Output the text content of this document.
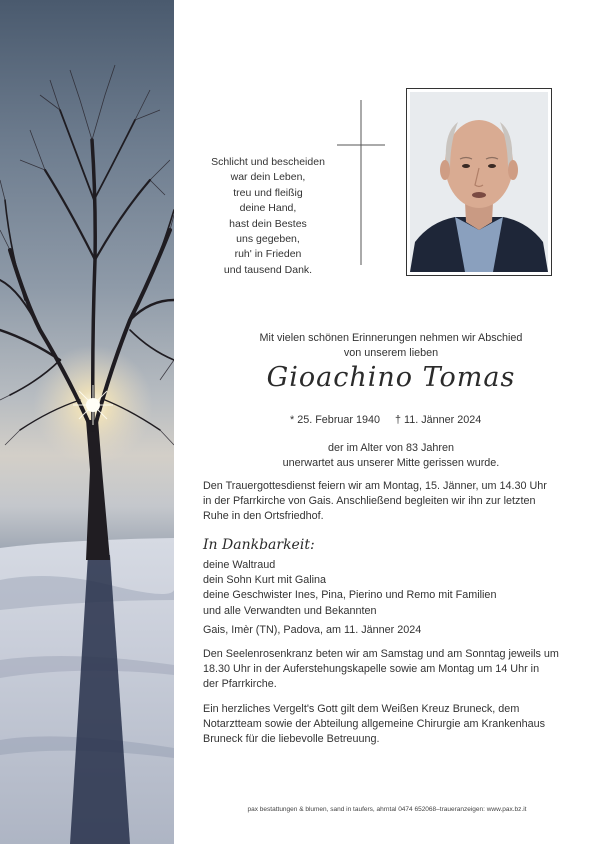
Schlicht und bescheiden
war dein Leben,
treu und fleißig
deine Hand,
hast dein Bestes
uns gegeben,
ruh' in Frieden
und tausend Dank.
Mit vielen schönen Erinnerungen nehmen wir Abschied
von unserem lieben
Gioachino Tomas
* 25. Februar 1940 † 11. Jänner 2024
der im Alter von 83 Jahren
unerwartet aus unserer Mitte gerissen wurde.
Den Trauergottesdienst feiern wir am Montag, 15. Jänner, um 14.30 Uhr
in der Pfarrkirche von Gais. Anschließend begleiten wir ihn zur letzten
Ruhe in den Ortsfriedhof.
In Dankbarkeit:
deine Waltraud
dein Sohn Kurt mit Galina
deine Geschwister Ines, Pina, Pierino und Remo mit Familien
und alle Verwandten und Bekannten
Gais, Imèr (TN), Padova, am 11. Jänner 2024
Den Seelenrosenkranz beten wir am Samstag und am Sonntag jeweils um
18.30 Uhr in der Auferstehungskapelle sowie am Montag um 14 Uhr in
der Pfarrkirche.
Ein herzliches Vergelt's Gott gilt dem Weißen Kreuz Bruneck, dem
Notarztteam sowie der Abteilung allgemeine Chirurgie am Krankenhaus
Bruneck für die liebevolle Betreuung.
pax bestattungen & blumen, sand in taufers, ahrntal 0474 652068–traueranzeigen: www.pax.bz.it
